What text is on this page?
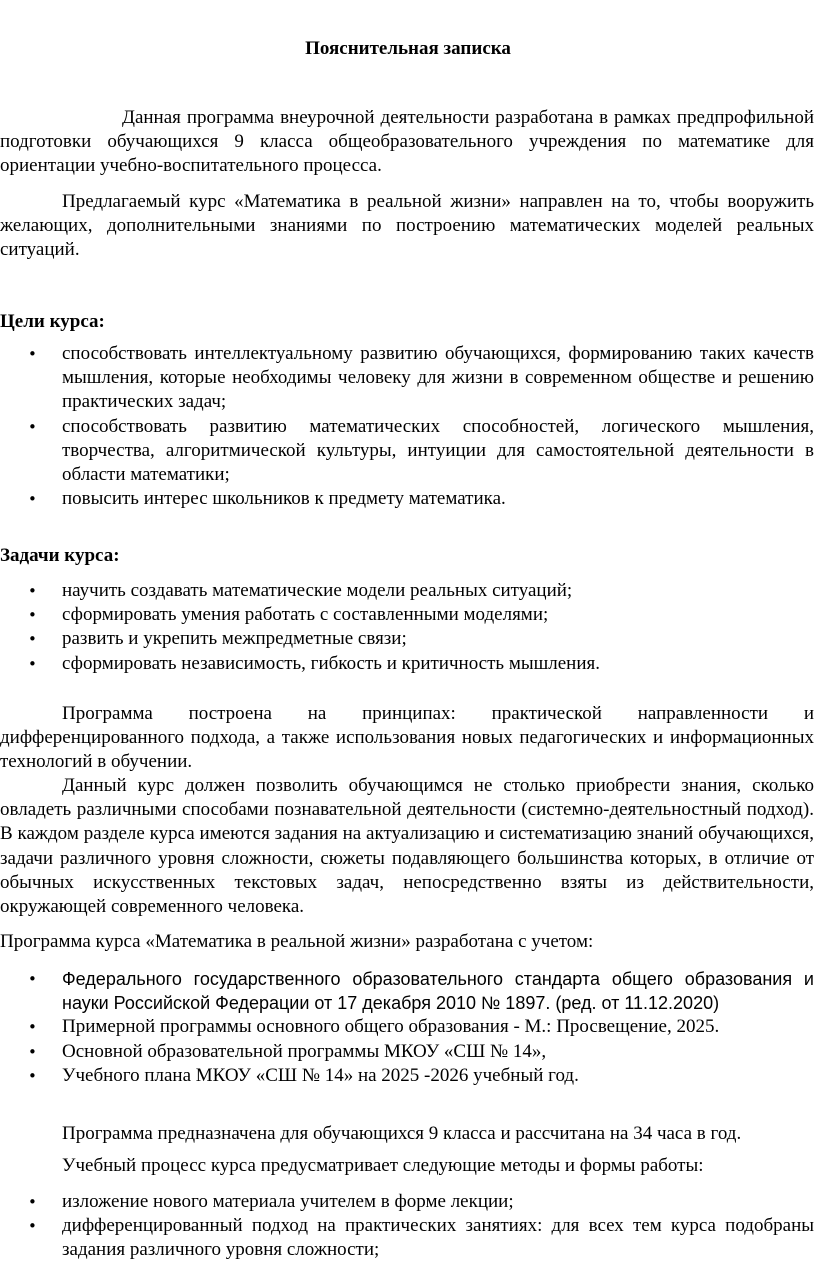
Пояснительная записка
Данная программа внеурочной деятельности разработана в рамках предпрофильной подготовки обучающихся 9 класса общеобразовательного учреждения по математике для ориентации учебно-воспитательного процесса.
Предлагаемый курс «Математика в реальной жизни» направлен на то, чтобы вооружить желающих, дополнительными знаниями по построению математических моделей реальных ситуаций.
Цели курса:
• способствовать интеллектуальному развитию обучающихся, формированию таких качеств мышления, которые необходимы человеку для жизни в современном обществе и решению практических задач;
• способствовать развитию математических способностей, логического мышления, творчества, алгоритмической культуры, интуиции для самостоятельной деятельности в области математики;
• повысить интерес школьников к предмету математика.
Задачи курса:
• научить создавать математические модели реальных ситуаций;
• сформировать умения работать с составленными моделями;
• развить и укрепить межпредметные связи;
• сформировать независимость, гибкость и критичность мышления.
Программа построена на принципах: практической направленности и дифференцированного подхода, а также использования новых педагогических и информационных технологий в обучении.
Данный курс должен позволить обучающимся не столько приобрести знания, сколько овладеть различными способами познавательной деятельности (системно-деятельностный подход). В каждом разделе курса имеются задания на актуализацию и систематизацию знаний обучающихся, задачи различного уровня сложности, сюжеты подавляющего большинства которых, в отличие от обычных искусственных текстовых задач, непосредственно взяты из действительности, окружающей современного человека.
Программа курса «Математика в реальной жизни» разработана с учетом:
• Федерального государственного образовательного стандарта общего образования и науки Российской Федерации от 17 декабря 2010 № 1897. (ред. от 11.12.2020)
• Примерной программы основного общего образования - М.: Просвещение, 2025.
• Основной образовательной программы МКОУ «СШ № 14»,
• Учебного плана МКОУ «СШ № 14» на 2025 -2026 учебный год.
Программа предназначена для обучающихся 9 класса и рассчитана на 34 часа в год.
Учебный процесс курса предусматривает следующие методы и формы работы:
• изложение нового материала учителем в форме лекции;
• дифференцированный подход на практических занятиях: для всех тем курса подобраны задания различного уровня сложности;
